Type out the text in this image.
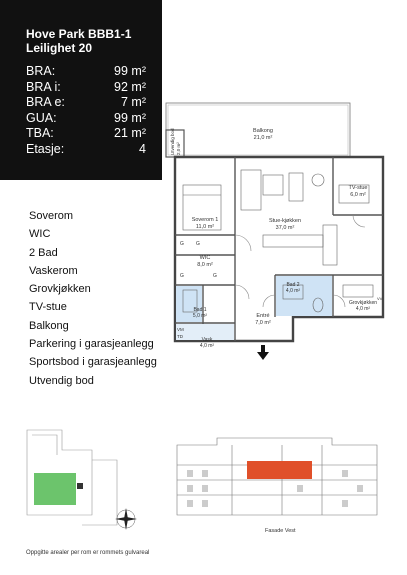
Hove Park BBB1-1
Leilighet 20
BRA:	99 m²
BRA i:	92 m²
BRA e:	7 m²
GUA:	99 m²
TBA:	21 m²
Etasje:	4
Soverom
WIC
2 Bad
Vaskerom
Grovkjøkken
TV-stue
Balkong
Parkering i garasjeanlegg
Sportsbod i garasjeanlegg
Utvendig bod
Balkong
21,0 m²
Utvendig bod 2,0 m²
TV-stue
6,0 m²
Soverom 1
11,0 m²
Stue-kjøkken
37,0 m²
WIC
8,0 m²
Bad 1
5,0 m²
Vask
4,0 m²
Entré
7,0 m²
Bad 2
4,0 m²
Grovkjøkken
4,0 m²
G G
G	G
VM
TD
VV
Fasade Vest
Oppgitte arealer per rom er rommets gulvareal
